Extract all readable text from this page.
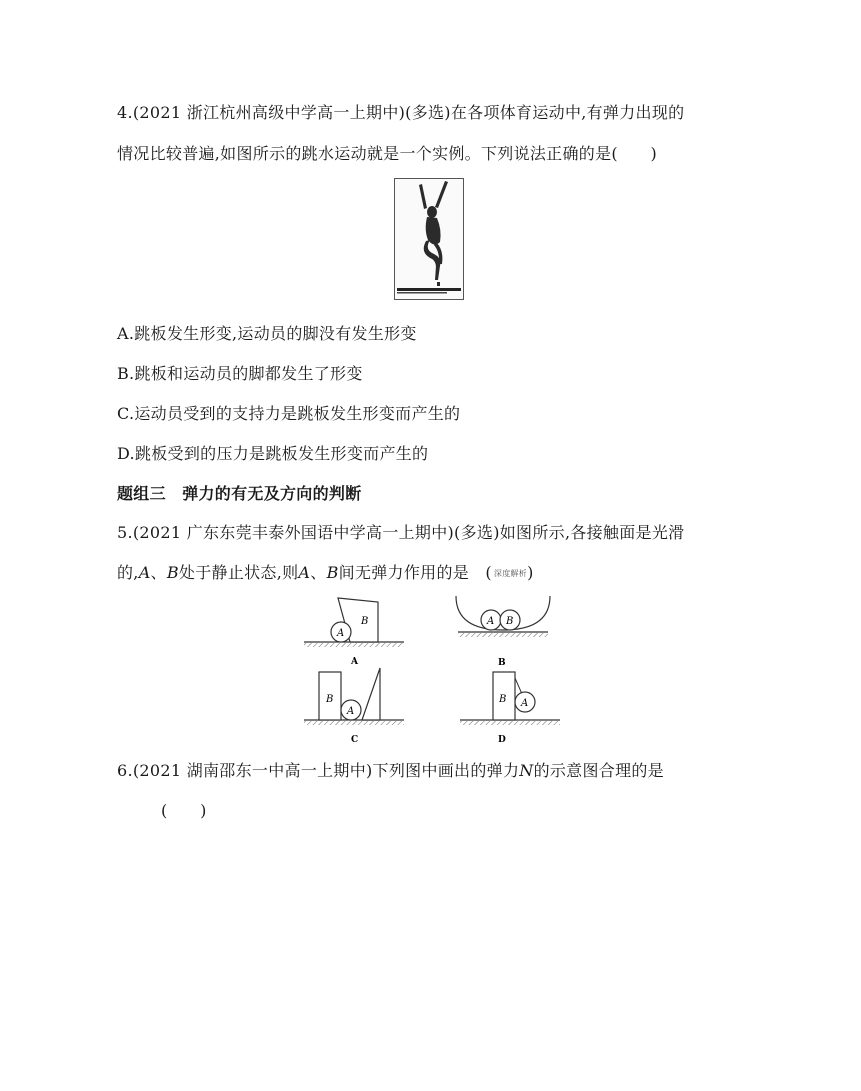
4.(2021 浙江杭州高级中学高一上期中)(多选)在各项体育运动中,有弹力出现的
情况比较普遍,如图所示的跳水运动就是一个实例。下列说法正确的是(　　)
A.跳板发生形变,运动员的脚没有发生形变
B.跳板和运动员的脚都发生了形变
C.运动员受到的支持力是跳板发生形变而产生的
D.跳板受到的压力是跳板发生形变而产生的
题组三　弹力的有无及方向的判断
5.(2021 广东东莞丰泰外国语中学高一上期中)(多选)如图所示,各接触面是光滑
的,A、B处于静止状态,则A、B间无弹力作用的是　( 深度解析)
A
B
A
A B
B
A
B
C
A
B
D
6.(2021 湖南邵东一中高一上期中)下列图中画出的弹力N的示意图合理的是
(　　)
